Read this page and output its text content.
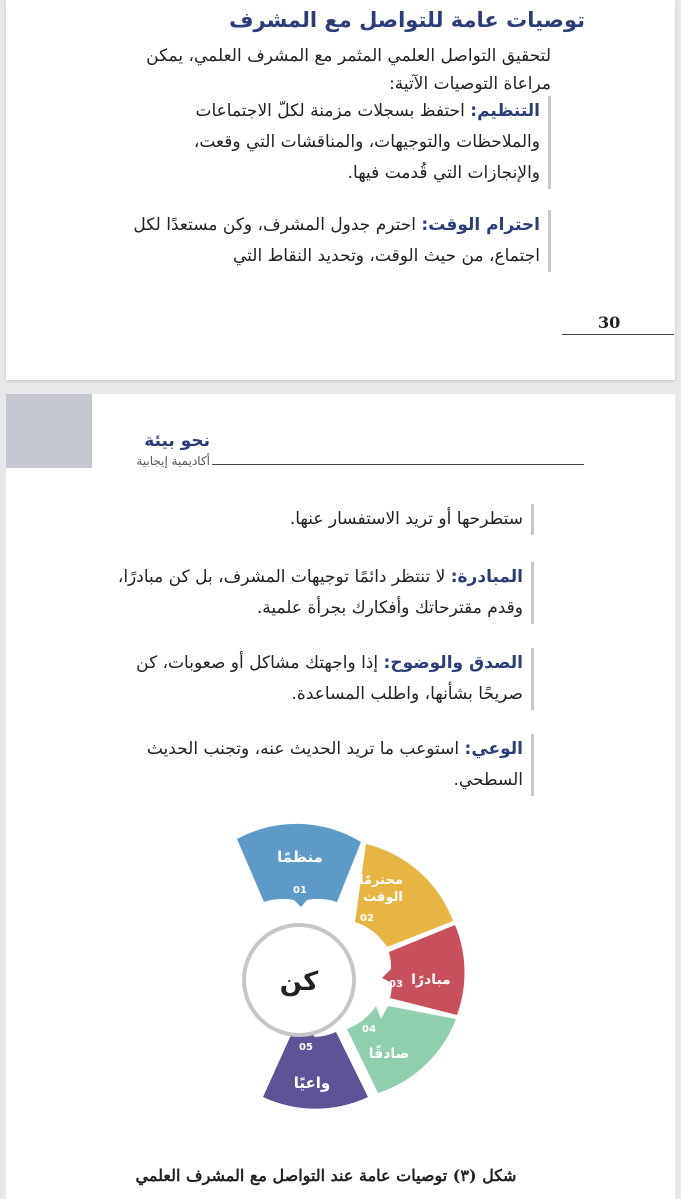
توصيات عامة للتواصل مع المشرف

لتحقيق التواصل العلمي المثمر مع المشرف العلمي، يمكن مراعاة التوصيات الآتية:

التنظيم: احتفظ بسجلات مزمنة لكلّ الاجتماعات والملاحظات والتوجيهات، والمناقشات التي وقعت، والإنجازات التي قُدمت فيها.

احترام الوقت: احترم جدول المشرف، وكن مستعدًا لكل اجتماع، من حيث الوقت، وتحديد النقاط التي

30
نحو بيئة
أكاديمية إيجابية

ستطرحها أو تريد الاستفسار عنها.

المبادرة: لا تنتظر دائمًا توجيهات المشرف، بل كن مبادرًا، وقدم مقترحاتك وأفكارك بجرأة علمية.

الصدق والوضوح: إذا واجهتك مشاكل أو صعوبات، كن صريحًا بشأنها، واطلب المساعدة.

الوعي: استوعب ما تريد الحديث عنه، وتجنب الحديث السطحي.

منظمًا
01
محترمًا
الوقت
02
مبادرًا
03
صادقًا
04
واعيًا
05
كن
شكل (٣) توصيات عامة عند التواصل مع المشرف العلمي
